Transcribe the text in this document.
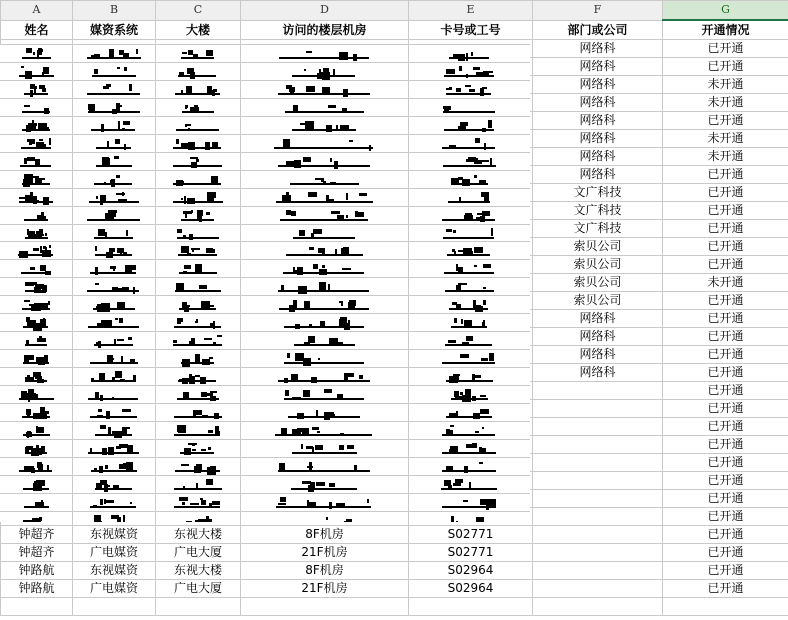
A	B	C	D	E	F	G
姓名	媒资系统	大楼	访问的楼层机房	卡号或工号	部门或公司	开通情况
					网络科	已开通
					网络科	已开通
					网络科	未开通
					网络科	未开通
					网络科	已开通
					网络科	未开通
					网络科	未开通
					网络科	已开通
					文广科技	已开通
					文广科技	已开通
					文广科技	已开通
					索贝公司	已开通
					索贝公司	已开通
					索贝公司	未开通
					索贝公司	已开通
					网络科	已开通
					网络科	已开通
					网络科	已开通
					网络科	已开通
						已开通
						已开通
						已开通
						已开通
						已开通
						已开通
						已开通
						已开通
钟超齐	东视媒资	东视大楼	8F机房	S02771		已开通
钟超齐	广电媒资	广电大厦	21F机房	S02771		已开通
钟路航	东视媒资	东视大楼	8F机房	S02964		已开通
钟路航	广电媒资	广电大厦	21F机房	S02964		已开通
